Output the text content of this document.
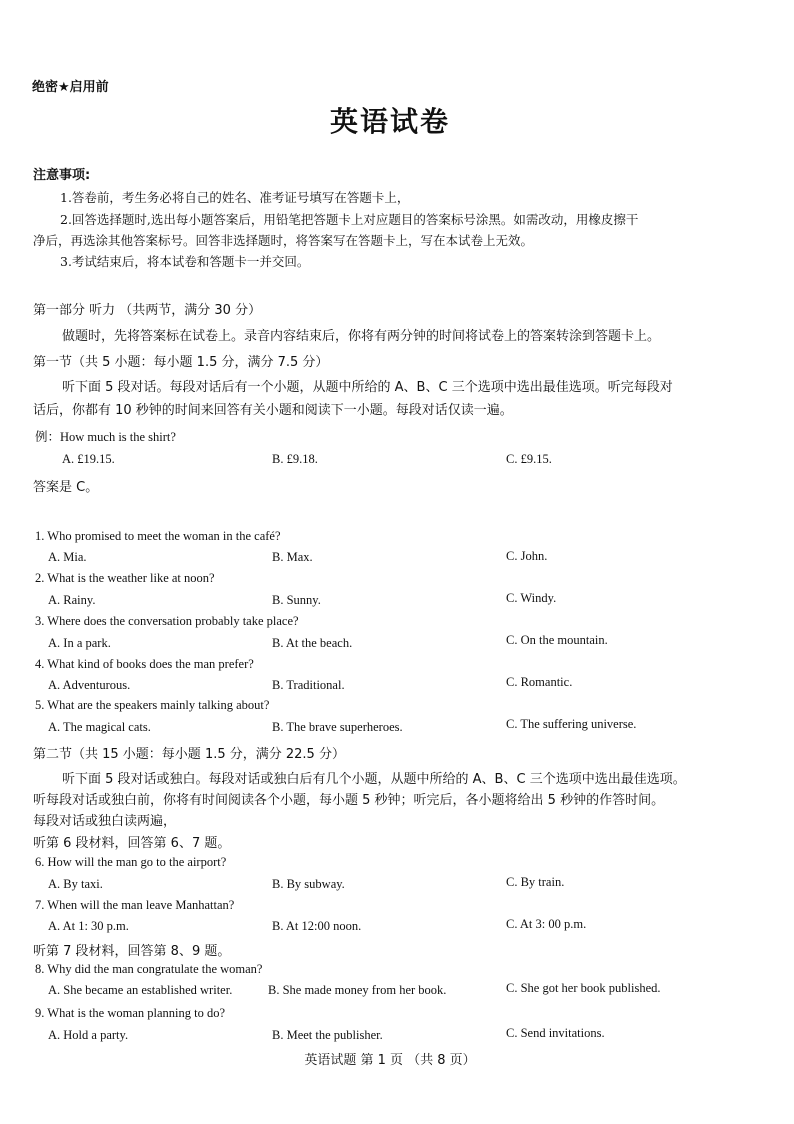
绝密★启用前
英语试卷
注意事项:
1.答卷前，考生务必将自己的姓名、准考证号填写在答题卡上，
2.回答选择题时,选出每小题答案后，用铅笔把答题卡上对应题目的答案标号涂黑。如需改动，用橡皮擦干
净后，再选涂其他答案标号。回答非选择题时，将答案写在答题卡上，写在本试卷上无效。
3.考试结束后，将本试卷和答题卡一并交回。
第一部分 听力 （共两节，满分 30 分）
做题时，先将答案标在试卷上。录音内容结束后，你将有两分钟的时间将试卷上的答案转涂到答题卡上。
第一节（共 5 小题：每小题 1.5 分，满分 7.5 分）
听下面 5 段对话。每段对话后有一个小题，从题中所给的 A、B、C 三个选项中选出最佳选项。听完每段对
话后，你都有 10 秒钟的时间来回答有关小题和阅读下一小题。每段对话仅读一遍。
例：How much is the shirt?
A. £19.15.	B. £9.18.	C. £9.15.
答案是 C。
1. Who promised to meet the woman in the café?
A. Mia.	B. Max.	C. John.
2. What is the weather like at noon?
A. Rainy.	B. Sunny.	C. Windy.
3. Where does the conversation probably take place?
A. In a park.	B. At the beach.	C. On the mountain.
4. What kind of books does the man prefer?
A. Adventurous.	B. Traditional.	C. Romantic.
5. What are the speakers mainly talking about?
A. The magical cats.	B. The brave superheroes.	C. The suffering universe.
第二节（共 15 小题：每小题 1.5 分，满分 22.5 分）
听下面 5 段对话或独白。每段对话或独白后有几个小题，从题中所给的 A、B、C 三个选项中选出最佳选项。
听每段对话或独白前，你将有时间阅读各个小题，每小题 5 秒钟；听完后，各小题将给出 5 秒钟的作答时间。
每段对话或独白读两遍，
听第 6 段材料，回答第 6、7 题。
6. How will the man go to the airport?
A. By taxi.	B. By subway.	C. By train.
7. When will the man leave Manhattan?
A. At 1: 30 p.m.	B. At 12:00 noon.	C. At 3: 00 p.m.
听第 7 段材料，回答第 8、9 题。
8. Why did the man congratulate the woman?
A. She became an established writer.	B. She made money from her book.	C. She got her book published.
9. What is the woman planning to do?
A. Hold a party.	B. Meet the publisher.	C. Send invitations.
英语试题 第 1 页 （共 8 页）
